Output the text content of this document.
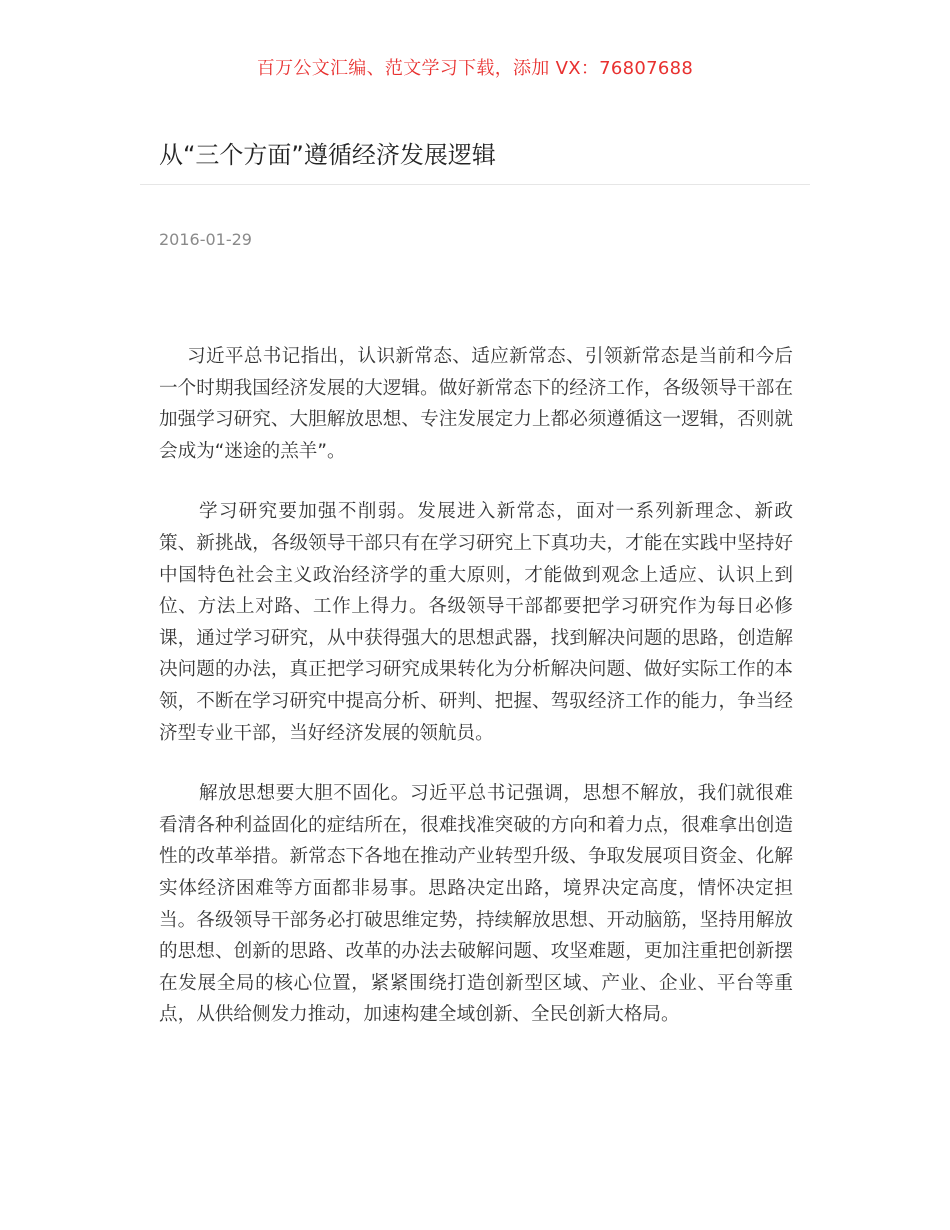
百万公文汇编、范文学习下载，添加 VX：76807688
从“三个方面”遵循经济发展逻辑
2016-01-29

习近平总书记指出，认识新常态、适应新常态、引领新常态是当前和今后一个时期我国经济发展的大逻辑。做好新常态下的经济工作，各级领导干部在加强学习研究、大胆解放思想、专注发展定力上都必须遵循这一逻辑，否则就会成为“迷途的羔羊”。

学习研究要加强不削弱。发展进入新常态，面对一系列新理念、新政策、新挑战，各级领导干部只有在学习研究上下真功夫，才能在实践中坚持好中国特色社会主义政治经济学的重大原则，才能做到观念上适应、认识上到位、方法上对路、工作上得力。各级领导干部都要把学习研究作为每日必修课，通过学习研究，从中获得强大的思想武器，找到解决问题的思路，创造解决问题的办法，真正把学习研究成果转化为分析解决问题、做好实际工作的本领，不断在学习研究中提高分析、研判、把握、驾驭经济工作的能力，争当经济型专业干部，当好经济发展的领航员。

解放思想要大胆不固化。习近平总书记强调，思想不解放，我们就很难看清各种利益固化的症结所在，很难找准突破的方向和着力点，很难拿出创造性的改革举措。新常态下各地在推动产业转型升级、争取发展项目资金、化解实体经济困难等方面都非易事。思路决定出路，境界决定高度，情怀决定担当。各级领导干部务必打破思维定势，持续解放思想、开动脑筋，坚持用解放的思想、创新的思路、改革的办法去破解问题、攻坚难题，更加注重把创新摆在发展全局的核心位置，紧紧围绕打造创新型区域、产业、企业、平台等重点，从供给侧发力推动，加速构建全域创新、全民创新大格局。
